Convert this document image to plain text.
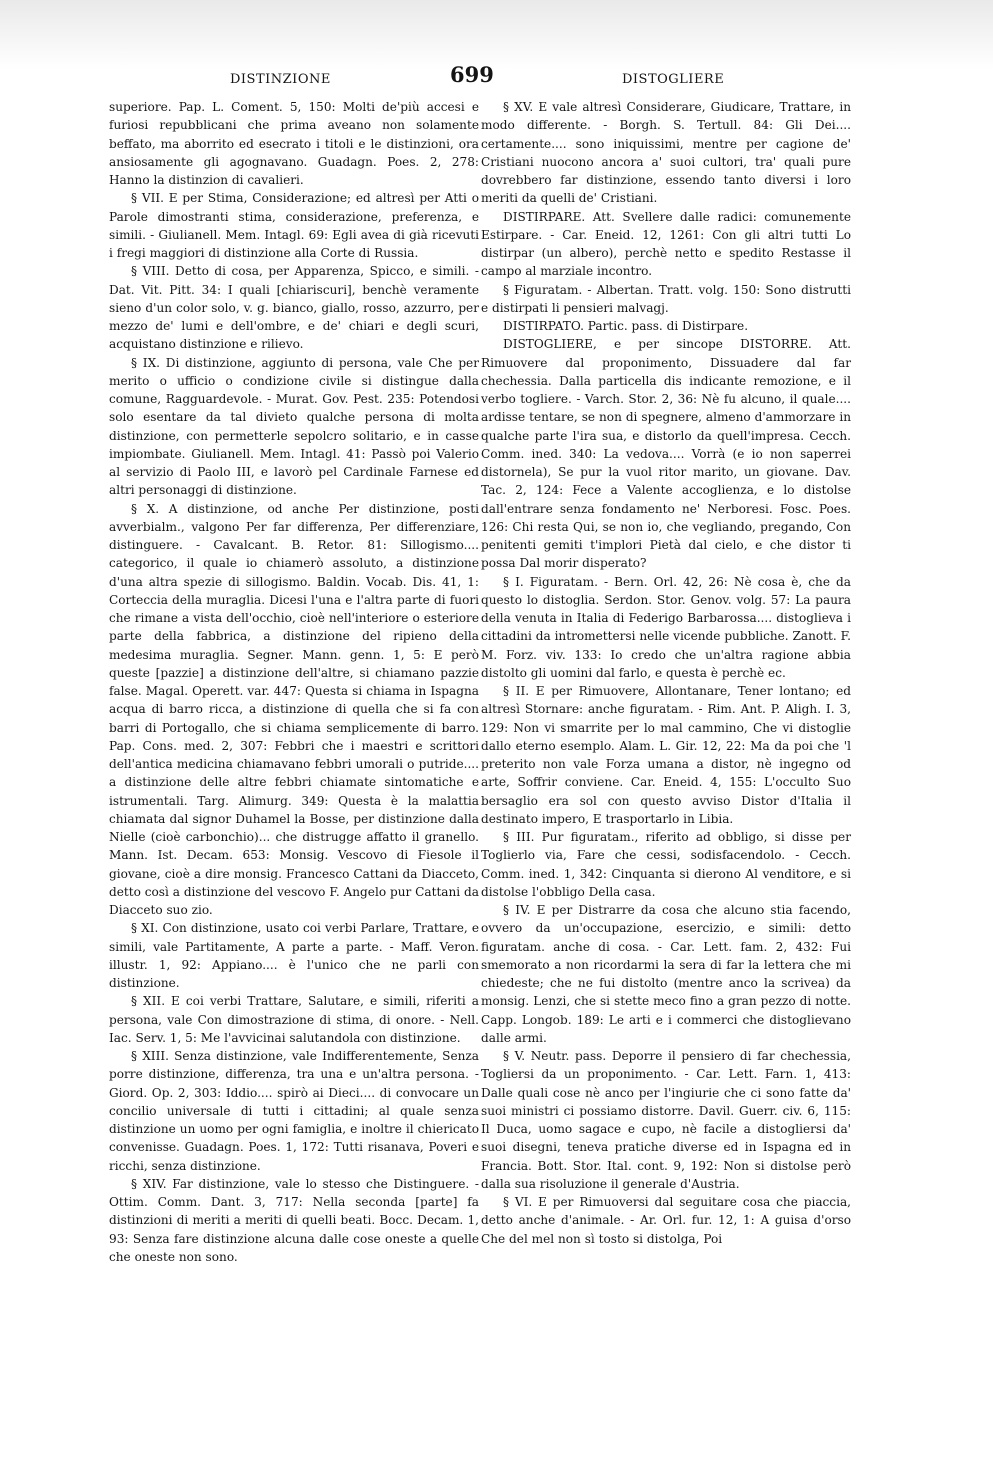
DISTINZIONE	699	DISTOGLIERE

superiore. Pap. L. Coment. 5, 150: Molti de'più accesi e furiosi repubblicani che prima aveano non solamente beffato, ma aborrito ed esecrato i titoli e le distinzioni, ora ansiosamente gli agognavano. Guadagn. Poes. 2, 278: Hanno la distinzion di cavalieri.

§ VII. E per Stima, Considerazione; ed altresì per Atti o Parole dimostranti stima, considerazione, preferenza, e simili. - Giulianell. Mem. Intagl. 69: Egli avea di già ricevuti i fregi maggiori di distinzione alla Corte di Russia.

§ VIII. Detto di cosa, per Apparenza, Spicco, e simili. - Dat. Vit. Pitt. 34: I quali [chiariscuri], benchè veramente sieno d'un color solo, v. g. bianco, giallo, rosso, azzurro, per mezzo de' lumi e dell'ombre, e de' chiari e degli scuri, acquistano distinzione e rilievo.

§ IX. Di distinzione, aggiunto di persona, vale Che per merito o ufficio o condizione civile si distingue dalla comune, Ragguardevole. - Murat. Gov. Pest. 235: Potendosi solo esentare da tal divieto qualche persona di molta distinzione, con permetterle sepolcro solitario, e in casse impiombate. Giulianell. Mem. Intagl. 41: Passò poi Valerio al servizio di Paolo III, e lavorò pel Cardinale Farnese ed altri personaggi di distinzione.

§ X. A distinzione, od anche Per distinzione, posti avverbialm., valgono Per far differenza, Per differenziare, distinguere. - Cavalcant. B. Retor. 81: Sillogismo.... categorico, il quale io chiamerò assoluto, a distinzione d'una altra spezie di sillogismo. Baldin. Vocab. Dis. 41, 1: Corteccia della muraglia. Dicesi l'una e l'altra parte di fuori che rimane a vista dell'occhio, cioè nell'interiore o esteriore parte della fabbrica, a distinzione del ripieno della medesima muraglia. Segner. Mann. genn. 1, 5: E però queste [pazzie] a distinzione dell'altre, si chiamano pazzie false. Magal. Operett. var. 447: Questa si chiama in Ispagna acqua di barro ricca, a distinzione di quella che si fa con barri di Portogallo, che si chiama semplicemente di barro. Pap. Cons. med. 2, 307: Febbri che i maestri e scrittori dell'antica medicina chiamavano febbri umorali o putride.... a distinzione delle altre febbri chiamate sintomatiche e istrumentali. Targ. Alimurg. 349: Questa è la malattia chiamata dal signor Duhamel la Bosse, per distinzione dalla Nielle (cioè carbonchio)... che distrugge affatto il granello. Mann. Ist. Decam. 653: Monsig. Vescovo di Fiesole il giovane, cioè a dire monsig. Francesco Cattani da Diacceto, detto così a distinzione del vescovo F. Angelo pur Cattani da Diacceto suo zio.

§ XI. Con distinzione, usato coi verbi Parlare, Trattare, e simili, vale Partitamente, A parte a parte. - Maff. Veron. illustr. 1, 92: Appiano.... è l'unico che ne parli con distinzione.

§ XII. E coi verbi Trattare, Salutare, e simili, riferiti a persona, vale Con dimostrazione di stima, di onore. - Nell. Iac. Serv. 1, 5: Me l'avvicinai salutandola con distinzione.

§ XIII. Senza distinzione, vale Indifferentemente, Senza porre distinzione, differenza, tra una e un'altra persona. - Giord. Op. 2, 303: Iddio.... spirò ai Dieci.... di convocare un concilio universale di tutti i cittadini; al quale senza distinzione un uomo per ogni famiglia, e inoltre il chiericato convenisse. Guadagn. Poes. 1, 172: Tutti risanava, Poveri e ricchi, senza distinzione.

§ XIV. Far distinzione, vale lo stesso che Distinguere. - Ottim. Comm. Dant. 3, 717: Nella seconda [parte] fa distinzioni di meriti a meriti di quelli beati. Bocc. Decam. 1, 93: Senza fare distinzione alcuna dalle cose oneste a quelle che oneste non sono.

§ XV. E vale altresì Considerare, Giudicare, Trattare, in modo differente. - Borgh. S. Tertull. 84: Gli Dei.... certamente.... sono iniquissimi, mentre per cagione de' Cristiani nuocono ancora a' suoi cultori, tra' quali pure dovrebbero far distinzione, essendo tanto diversi i loro meriti da quelli de' Cristiani.

DISTIRPARE. Att. Svellere dalle radici: comunemente Estirpare. - Car. Eneid. 12, 1261: Con gli altri tutti Lo distirpar (un albero), perchè netto e spedito Restasse il campo al marziale incontro.

§ Figuratam. - Albertan. Tratt. volg. 150: Sono distrutti e distirpati li pensieri malvagj.

DISTIRPATO. Partic. pass. di Distirpare.

DISTOGLIERE, e per sincope DISTORRE. Att. Rimuovere dal proponimento, Dissuadere dal far chechessia. Dalla particella dis indicante remozione, e il verbo togliere. - Varch. Stor. 2, 36: Nè fu alcuno, il quale.... ardisse tentare, se non di spegnere, almeno d'ammorzare in qualche parte l'ira sua, e distorlo da quell'impresa. Cecch. Comm. ined. 340: La vedova.... Vorrà (e io non saperrei distornela), Se pur la vuol ritor marito, un giovane. Dav. Tac. 2, 124: Fece a Valente accoglienza, e lo distolse dall'entrare senza fondamento ne' Nerboresi. Fosc. Poes. 126: Chi resta Qui, se non io, che vegliando, pregando, Con penitenti gemiti t'implori Pietà dal cielo, e che distor ti possa Dal morir disperato?

§ I. Figuratam. - Bern. Orl. 42, 26: Nè cosa è, che da questo lo distoglia. Serdon. Stor. Genov. volg. 57: La paura della venuta in Italia di Federigo Barbarossa.... distoglieva i cittadini da intromettersi nelle vicende pubbliche. Zanott. F. M. Forz. viv. 133: Io credo che un'altra ragione abbia distolto gli uomini dal farlo, e questa è perchè ec.

§ II. E per Rimuovere, Allontanare, Tener lontano; ed altresì Stornare: anche figuratam. - Rim. Ant. P. Aligh. I. 3, 129: Non vi smarrite per lo mal cammino, Che vi distoglie dallo eterno esemplo. Alam. L. Gir. 12, 22: Ma da poi che 'l preterito non vale Forza umana a distor, nè ingegno od arte, Soffrir conviene. Car. Eneid. 4, 155: L'occulto Suo bersaglio era sol con questo avviso Distor d'Italia il destinato impero, E trasportarlo in Libia.

§ III. Pur figuratam., riferito ad obbligo, si disse per Toglierlo via, Fare che cessi, sodisfacendolo. - Cecch. Comm. ined. 1, 342: Cinquanta si dierono Al venditore, e si distolse l'obbligo Della casa.

§ IV. E per Distrarre da cosa che alcuno stia facendo, ovvero da un'occupazione, esercizio, e simili: detto figuratam. anche di cosa. - Car. Lett. fam. 2, 432: Fui smemorato a non ricordarmi la sera di far la lettera che mi chiedeste; che ne fui distolto (mentre anco la scrivea) da monsig. Lenzi, che si stette meco fino a gran pezzo di notte. Capp. Longob. 189: Le arti e i commerci che distoglievano dalle armi.

§ V. Neutr. pass. Deporre il pensiero di far chechessia, Togliersi da un proponimento. - Car. Lett. Farn. 1, 413: Dalle quali cose nè anco per l'ingiurie che ci sono fatte da' suoi ministri ci possiamo distorre. Davil. Guerr. civ. 6, 115: Il Duca, uomo sagace e cupo, nè facile a distogliersi da' suoi disegni, teneva pratiche diverse ed in Ispagna ed in Francia. Bott. Stor. Ital. cont. 9, 192: Non si distolse però dalla sua risoluzione il generale d'Austria.

§ VI. E per Rimuoversi dal seguitare cosa che piaccia, detto anche d'animale. - Ar. Orl. fur. 12, 1: A guisa d'orso Che del mel non sì tosto si distolga, Poi
